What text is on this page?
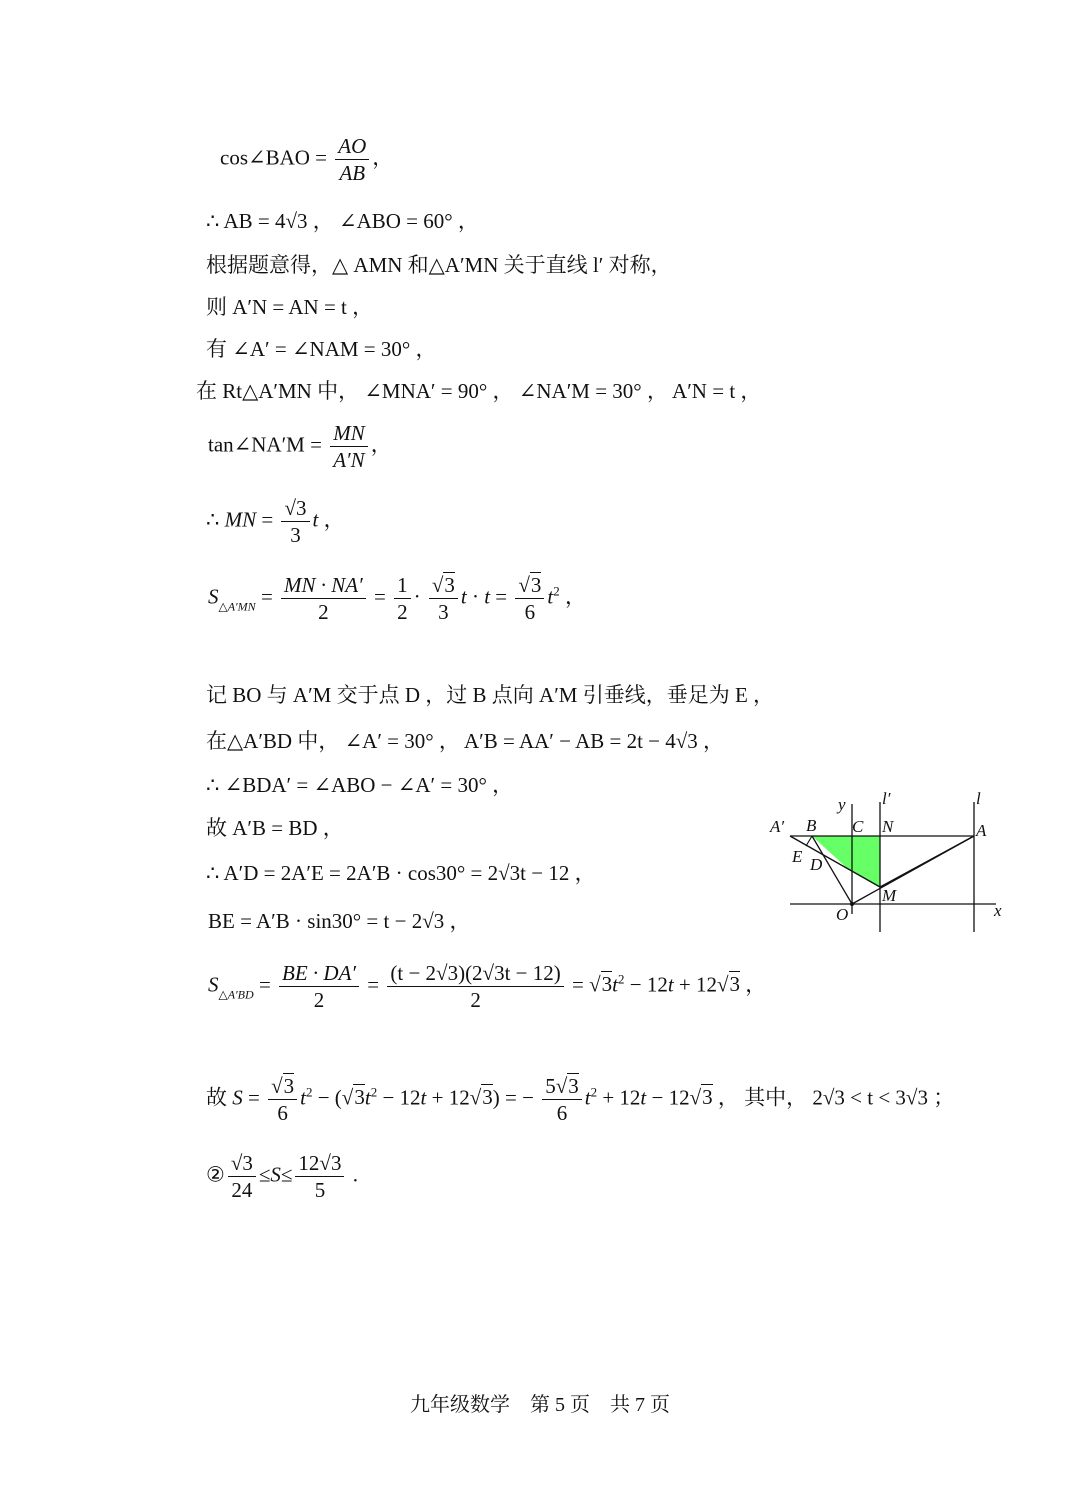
cos∠BAO = $\frac{AO}{AB}$ ，
∴ AB = 4√3 ， ∠ABO = 60° ，
根据题意得，△ AMN 和△A′MN 关于直线 l′ 对称，
则 A′N = AN = t ，
有 ∠A′ = ∠NAM = 30° ，
在 Rt△A′MN 中， ∠MNA′ = 90° ， ∠NA′M = 30° ， A′N = t ，
tan∠NA′M = $\frac{MN}{A'N}$ ，
∴ MN = $\frac{√3}{3}$ t ，
$S_{\triangle A'MN} = \frac{MN \cdot NA'}{2} = \frac{1}{2} \cdot \frac{√3}{3}$ $t \cdot t = \frac{√3}{6} t^2$ ，
记 BO 与 A′M 交于点 D ，过 B 点向 A′M 引垂线，垂足为 E ，
在△A′BD 中， ∠A′ = 30° ， A′B = AA′ − AB = 2t − 4√3 ，
∴ ∠BDA′ = ∠ABO − ∠A′ = 30° ，
故 A′B = BD ，
∴ A′D = 2A′E = 2A′B · cos30° = 2√3t − 12 ，
BE = A′B · sin30° = t − 2√3 ，
$S_{\triangle A'BD} = \frac{BE \cdot DA'}{2} = \frac{(t - 2√3)(2√3t - 12)}{2} = √3t^2 - 12t + 12√3$ ，
故 $S = \frac{√3}{6} t^2 - (√3t^2 - 12t + 12√3)$ = − $\frac{5√3}{6} t^2 + 12t - 12√3$ ， 其中， 2√3 < t < 3√3 ；
② $\frac{√3}{24} \le S\le \frac{12√3}{5}$ .
A′ B C N	A
E D
M
O
y
x
l′	l
九年级数学　第 5 页　共 7 页
